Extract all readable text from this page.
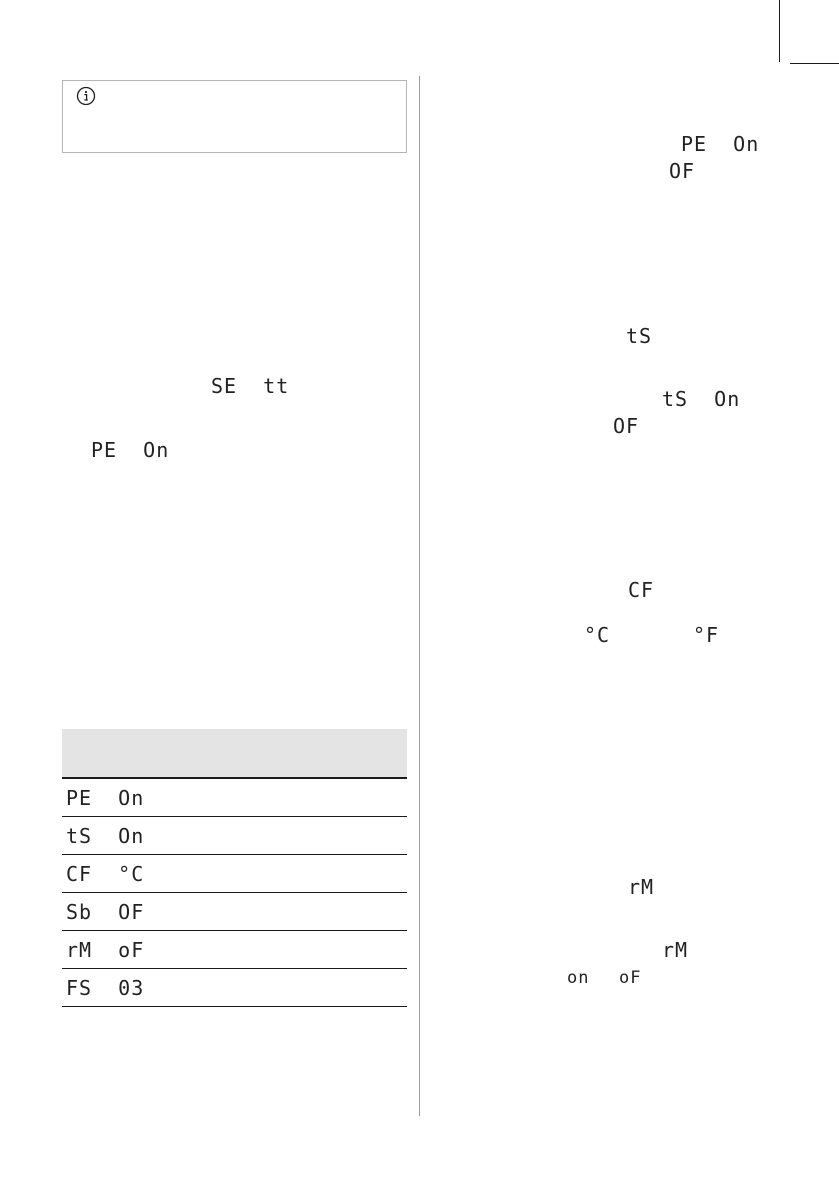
SE  tt
PE  On

PE  On
tS  On
CF  °C
Sb  OF
rM  oF
FS  03
PE  On
OF
tS
tS  On
OF
CF
°C	°F
rM
rM
on oF
